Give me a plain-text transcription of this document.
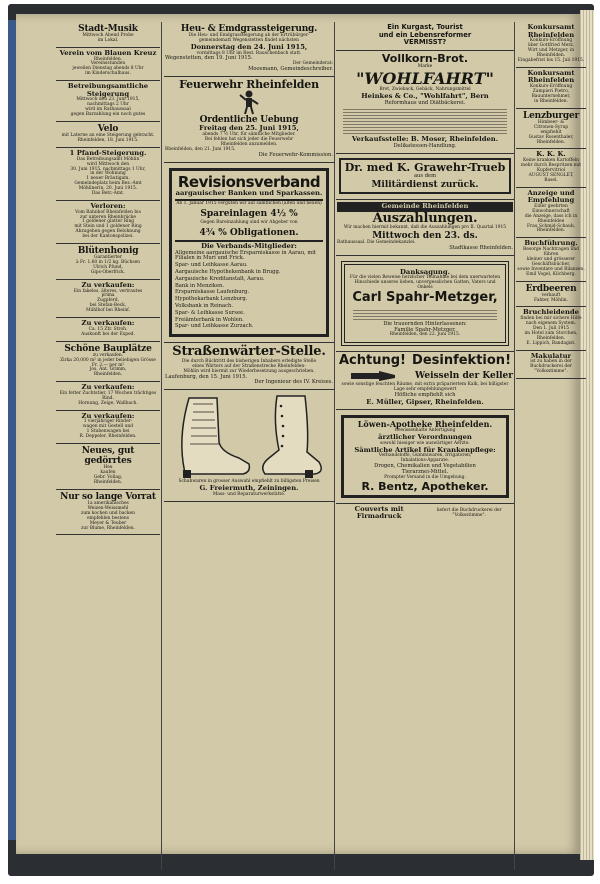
Stadt-Musik

Mittwoch Abend Probe

im Lokal.

Verein vom Blauen Kreuz

Rheinfelden.

Vereinsstunden

jeweilen Dienstag abends 8 Uhr

im Kinderschulhaus.

Betreibungsamtliche Steigerung

Mittwoch den 23. Juni 1915,

nachmittags 2 Uhr

wird im Rathaussaal

gegen Barzahlung ein noch gutes

Velo

mit Laterne an eine Steigerung gebracht.

Rheinfelden, 18. Juni 1915.

1 Pfand-Steigerung.

Das Betreibungsamt Möhlin

wird Mittwoch den

30. Juni 1915, nachmittags 1 Uhr,

in der Wohnung

1 neuer Bräutigam.

Gemeindeplatz beim Bez.-Amt

Möhlinerin, 20. Juni 1915.

Das Betr.-Amt.

Verloren:

Vom Bahnhof Rheinfelden bis

zur unteren Rheinbrücke

1 goldener glatter Ring

mit Stein und 1 goldener Ring

Abzugeben gegen Belohnung

bei der Kantonspolizei.

Blütenhonig

Garantierter

à Fr. 1.60 in 1/2 kg. Büchsen

Ulrich Pfund,

Gips-Oberfrick.

Zu verkaufen:

Ein fakeles, älteres, vertrautes

prima

Zugpferd,

bei Stefan-Beck,

Mühlhof bei Rheinf.

Zu verkaufen:

Ca. 15 Ztr. Stroh.

Auskunft bei der Exped.

Schöne Bauplätze

zu verkaufen.

Zirka 20,000 m² in jeder beliebigen Grösse

Fr. 2.— per m²

Jos. Ant. Grimm,

Rheinfelden.

Zu verkaufen:

Ein fetter Zuchtstier, 17 Wochen trächtiges

Rind.

Hornung, Zeige, Wallbach.

Zu verkaufen:

1 vierjähriger Rinder-

wagen mit Gestell und

1 Stubenwagen bei

R. Deppeler, Rheinfelden.

Neues, gut gedörrtes

Heu

kaufen

Gebr. Vollag,

Rheinfelden.

Nur so lange Vorrat

1a amerikanisches

Weizen-Weissmehl

zum kochen und backen

empfehlen bestens

Meyer & Teuber

zur Blume, Rheinfelden.

Heu- & Emdgrassteigerung.

Die Heu- und Emdgrassteigerung ab der Ertrübürger-

gemeindematt Wegenstetten findet nächsten

Donnerstag den 24. Juni 1915,

vormittags 8 Uhr im Rest. Rauschenbach statt.

Wegenstetten, den 19. Juni 1915.

Der Gemeinderat:

Moosmann, Gemeindeschreiber.

Feuerwehr Rheinfelden

Ordentliche Uebung

Freitag den 25. Juni 1915,

abends 7 ½ Uhr, für sämtliche Mitglieder.

Bei fehlen hat sich jeder die Feuerwehr

Rheinfelden anzumelden.

Rheinfelden, den 21. Juni 1915.

Die Feuerwehr-Kommission.

Revisionsverband

aargauischer Banken und Sparkassen.

Ab 1. Januar 1915 vergüten wir auf sämtlichen (alten und neuen)

Spareinlagen 4½ %

Gegen Bareinzahlung sind wir Abgeber von

4¾ % Obligationen.

Die Verbands-Mitglieder:

Allgemeine aargauische Ersparniskasse in Aarau, mit Filialen in Muri und Frick.

Spar- und Leihkasse Aarau.

Aargauische Hypothekenbank in Brugg.

Aargauische Kreditanstalt, Aarau.

Bank in Menziken.

Ersparniskasse Laufenburg.

Hypothekarbank Lenzburg.

Volksbank in Reinach.

Spar- & Leihkasse Sursee.

Freiämterbank in Wohlen.

Spar- und Leihkasse Zurzach.

Straßenwärter-Stelle.

Die durch Rücktritt des bisherigen Inhabers erledigte Stelle

eines Wärters auf der Straßenstrecke Rheinfelden-

Möhlin wird hiermit zur Wiederbesetzung ausgeschrieben.

Laufenburg, den 15. Juni 1915.

Der Ingenieur des IV. Kreises.

Schuhwaren in grosser Auswahl empfiehlt zu billigsten Preisen

G. Freiermuth, Zeiningen.

Mass- und Reparaturwerkstätte.

Ein Kurgast, Tourist

und ein Lebensreformer

VERMISST?

Vollkorn-Brot.

Marke

"WOHLFAHRT"

Brot, Zwieback, Gebäck, Nahrungsmittel

Heinkes & Co., "Wohlfahrt", Bern

Reformhaus und Diätbäckerei.

Verkaufsstelle: B. Moser, Rheinfelden.

Delikatessen-Handlung.

Dr. med K. Grawehr-Trueb

aus dem

Militärdienst zurück.

Gemeinde Rheinfelden

Auszahlungen.

Wir machen hiermit bekannt, daß die Auszahlungen pro II. Quartal 1915

Mittwoch den 23. ds.

Rathaussaal. Die Gemeindekanzlei.

Stadtkasse Rheinfelden.

Danksagung.

Für die vielen Beweise herzlicher Teilnahme bei dem unerwarteten Hinschiede unseres lieben, unvergesslichen Gatten, Vaters und Onkels

Carl Spahr-Metzger,

Die trauernden Hinterlassenen:

Familie Spahr-Metzger.

Rheinfelden, den 22. Juni 1915.

Achtung! Desinfektion!
Weisseln der Keller

sowie sonstige feuchten Räume, mit extra präpariertem Kalk, bei billigster Lage sehr empfehlungswert

Höfliche empfiehlt sich

E. Müller, Gipser, Rheinfelden.

Löwen-Apotheke Rheinfelden.

Gewissenhafte Anfertigung

ärztlicher Verordnungen

sowohl hiesiger wie auswärtiger Aerzte.

Sämtliche Artikel für Krankenpflege:

Verbandstoffe, Gummiwaren, Irrigatoren,

Inhalations-Apparate.

Drogen, Chemikalien und Vegetabilien

Tierarznei-Mittel.

Prompter Versand in die Umgebung.

R. Bentz, Apotheker.

Couverts mit Firmadruck
liefert die Buchdruckerei der "Volksstimme".

Konkursamt Rheinfelden

Konkurs-Eröffnung

über Gottfried Merz,

Wirt und Metzger, in Rheinfelden.

Eingabefrist bis 15. Juli 1915.

Konkursamt Rheinfelden

Konkurs-Eröffnung

Zampieri Pietro,

Bauunternehmer,

in Rheinfelden.

Lenzburger

Himbeer- &

Citronen-Syrup

empfiehlt

Gustav Rosenthaler,

Rheinfelden.

K. K. K.

Keine kranken Kartoffeln

mehr durch Bespritzen mit

Kupfervitriol

AUGUST SENGLET,

Basel.

Anzeige und Empfehlung

Einer geehrten Einwohnerschaft

die Anzeige, dass ich in

Rheinfelden

Frau Schmid-Schaub,

Rheinfelden.

Buchführung.

Besorge Nachtragen und führen

kleiner und grösserer Geschäftsbücher,

sowie Inventare und Bilanzen.

Emil Vogel, Kilchberg.

Erdbeeren

verkauft

Fahter, Möhlin.

Bruchleidende

finden bei mir sichere Hilfe

nach eigenem System.

Den 1. Juli 1915

im Hotel zum Storchen,

Rheinfelden.

E. Lippich, Bandagist.

Makulatur

ist zu haben in der

Buchdruckerei der "Volksstimme".
